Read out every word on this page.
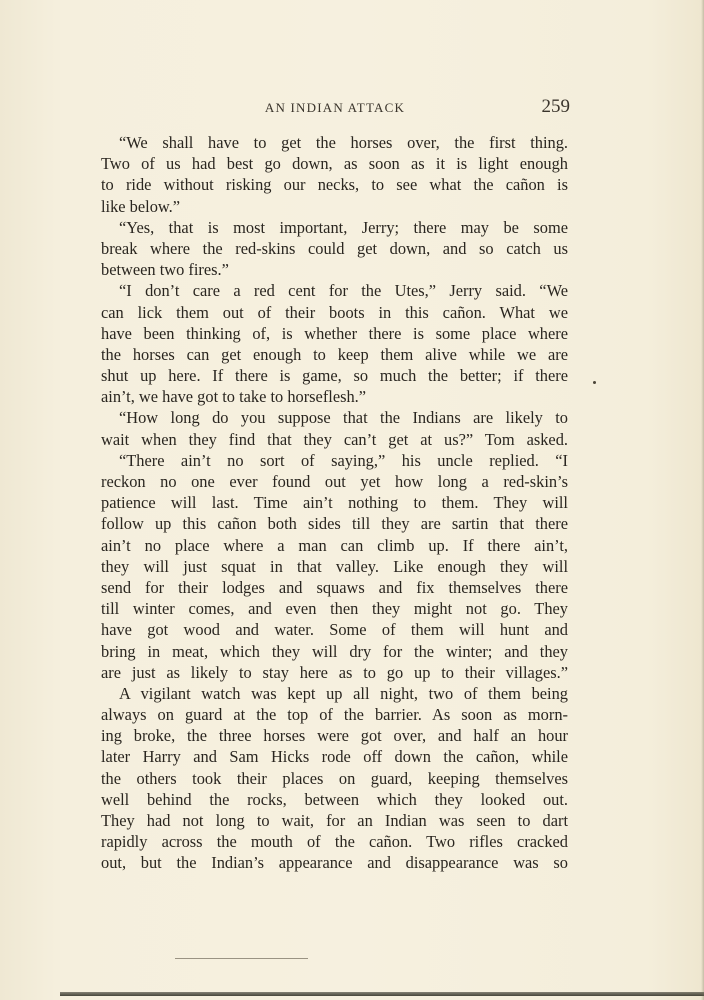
AN INDIAN ATTACK	259
“We shall have to get the horses over, the first thing.
Two of us had best go down, as soon as it is light enough
to ride without risking our necks, to see what the cañon is
like below.”
“Yes, that is most important, Jerry; there may be some
break where the red-skins could get down, and so catch us
between two fires.”
“I don’t care a red cent for the Utes,” Jerry said. “We
can lick them out of their boots in this cañon. What we
have been thinking of, is whether there is some place where
the horses can get enough to keep them alive while we are
shut up here. If there is game, so much the better; if there
ain’t, we have got to take to horseflesh.”
“How long do you suppose that the Indians are likely to
wait when they find that they can’t get at us?” Tom asked.
“There ain’t no sort of saying,” his uncle replied. “I
reckon no one ever found out yet how long a red-skin’s
patience will last. Time ain’t nothing to them. They will
follow up this cañon both sides till they are sartin that there
ain’t no place where a man can climb up. If there ain’t,
they will just squat in that valley. Like enough they will
send for their lodges and squaws and fix themselves there
till winter comes, and even then they might not go. They
have got wood and water. Some of them will hunt and
bring in meat, which they will dry for the winter; and they
are just as likely to stay here as to go up to their villages.”
A vigilant watch was kept up all night, two of them being
always on guard at the top of the barrier. As soon as morn-
ing broke, the three horses were got over, and half an hour
later Harry and Sam Hicks rode off down the cañon, while
the others took their places on guard, keeping themselves
well behind the rocks, between which they looked out.
They had not long to wait, for an Indian was seen to dart
rapidly across the mouth of the cañon. Two rifles cracked
out, but the Indian’s appearance and disappearance was so
